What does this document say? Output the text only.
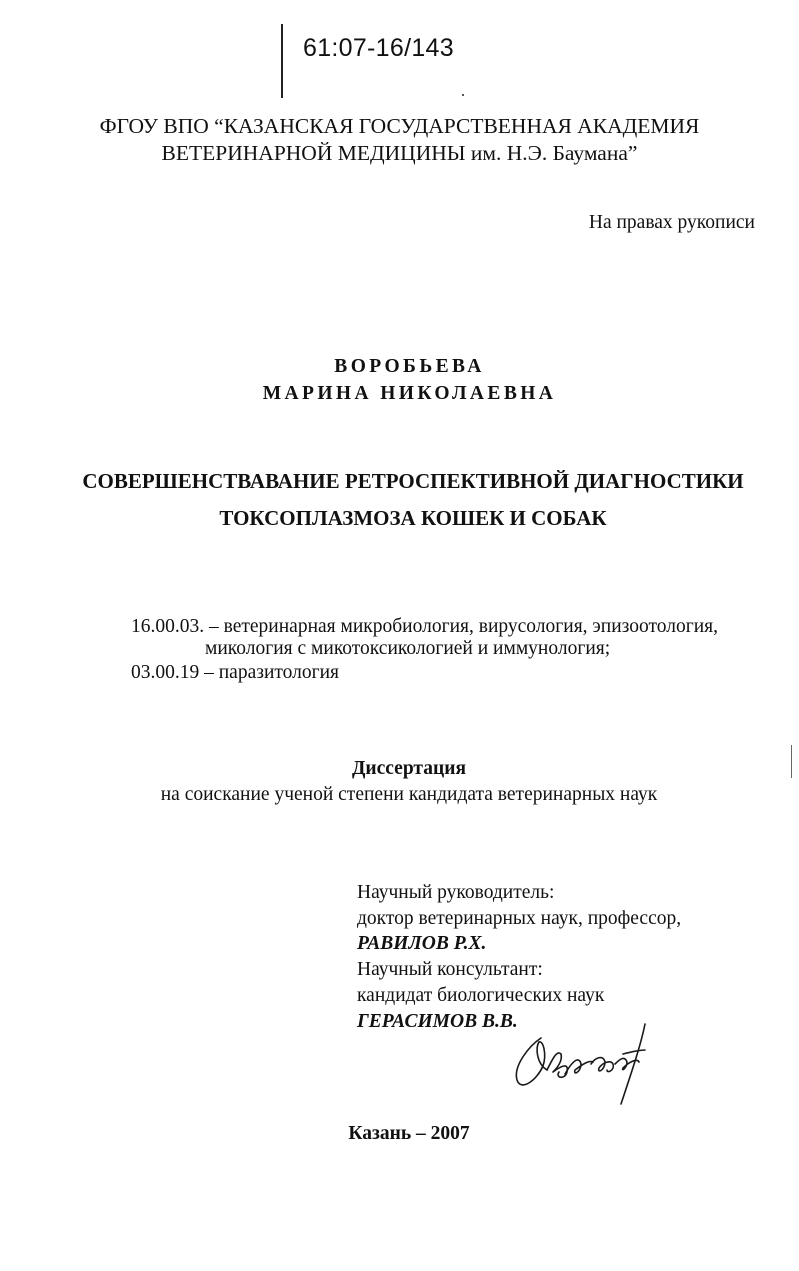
61:07-16/143
ФГОУ ВПО “КАЗАНСКАЯ ГОСУДАРСТВЕННАЯ АКАДЕМИЯ
ВЕТЕРИНАРНОЙ МЕДИЦИНЫ им. Н.Э. Баумана”
На правах рукописи
ВОРОБЬЕВА
МАРИНА НИКОЛАЕВНА
СОВЕРШЕНСТВАВАНИЕ РЕТРОСПЕКТИВНОЙ ДИАГНОСТИКИ
ТОКСОПЛАЗМОЗА КОШЕК И СОБАК
16.00.03. – ветеринарная микробиология, вирусология, эпизоотология,
микология с микотоксикологией и иммунология;
03.00.19 – паразитология
Диссертация
на соискание ученой степени кандидата ветеринарных наук
Научный руководитель:
доктор ветеринарных наук, профессор,
РАВИЛОВ Р.Х.
Научный консультант:
кандидат биологических наук
ГЕРАСИМОВ В.В.
Казань – 2007
